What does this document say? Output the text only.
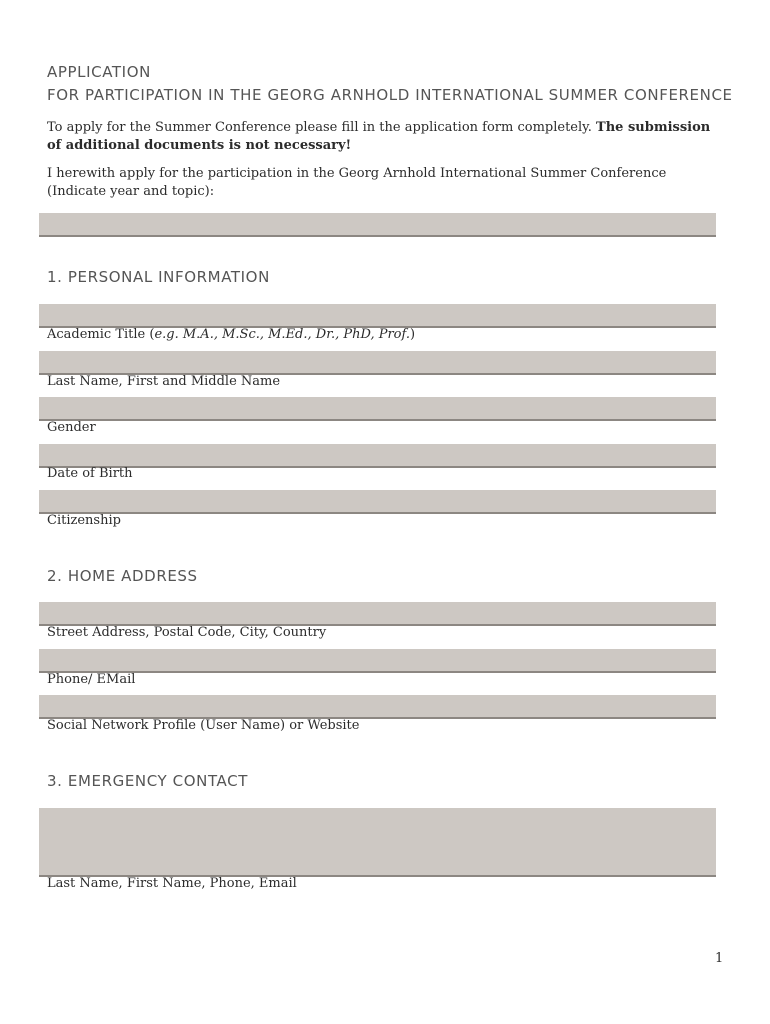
APPLICATION
FOR PARTICIPATION IN THE GEORG ARNHOLD INTERNATIONAL SUMMER CONFERENCE
To apply for the Summer Conference please fill in the application form completely. The submission of additional documents is not necessary!
I herewith apply for the participation in the Georg Arnhold International Summer Conference (Indicate year and topic):
1. PERSONAL INFORMATION
Academic Title (e.g. M.A., M.Sc., M.Ed., Dr., PhD, Prof.)
Last Name, First and Middle Name
Gender
Date of Birth
Citizenship
2. HOME ADDRESS
Street Address, Postal Code, City, Country
Phone/ EMail
Social Network Profile (User Name) or Website
3. EMERGENCY CONTACT
Last Name, First Name, Phone, Email
1
